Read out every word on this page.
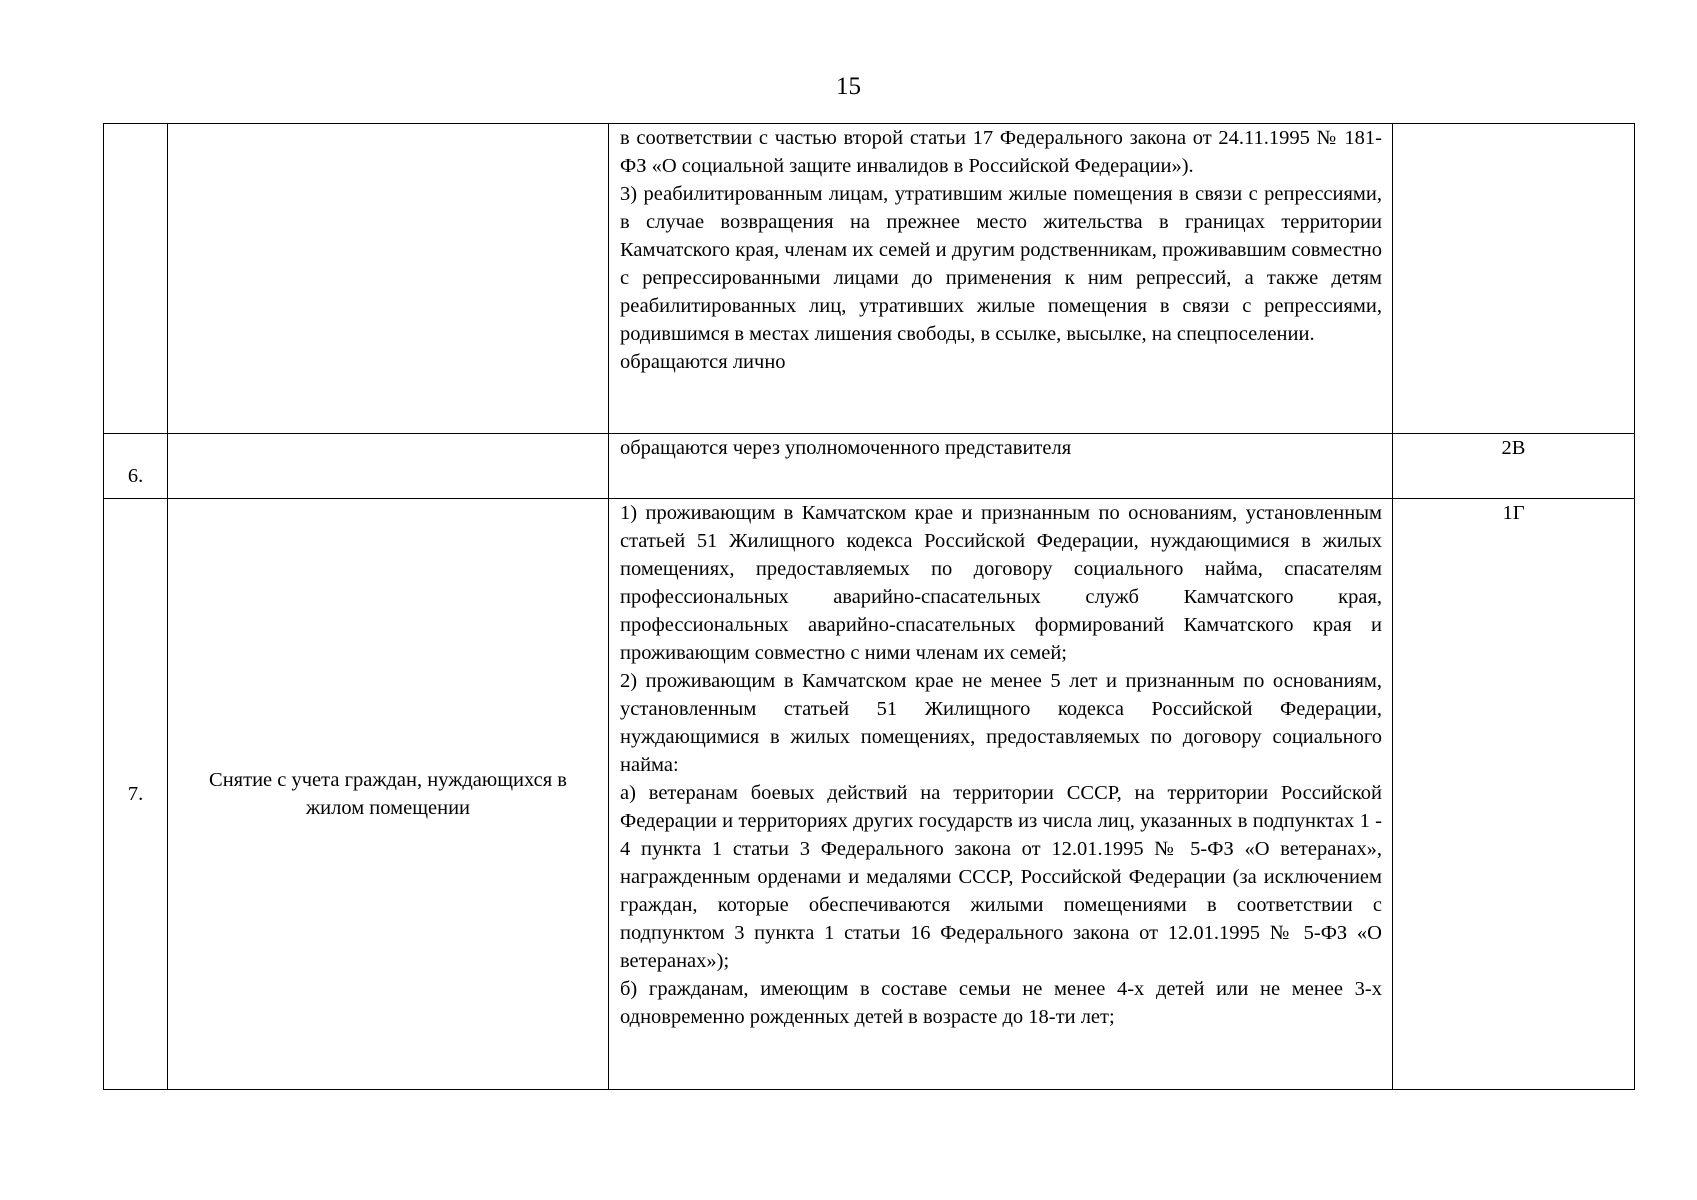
15

		в соответствии с частью второй статьи 17 Федерального закона от 24.11.1995 № 181-ФЗ «О социальной защите инвалидов в Российской Федерации»).
3) реабилитированным лицам, утратившим жилые помещения в связи с репрессиями, в случае возвращения на прежнее место жительства в границах территории Камчатского края, членам их семей и другим родственникам, проживавшим совместно с репрессированными лицами до применения к ним репрессий, а также детям реабилитированных лиц, утративших жилые помещения в связи с репрессиями, родившимся в местах лишения свободы, в ссылке, высылке, на спецпоселении.
обращаются лично	

6.		обращаются через уполномоченного представителя	2В
7.	Снятие с учета граждан, нуждающихся в жилом помещении	1) проживающим в Камчатском крае и признанным по основаниям, установленным статьей 51 Жилищного кодекса Российской Федерации, нуждающимися в жилых помещениях, предоставляемых по договору социального найма, спасателям профессиональных аварийно-спасательных служб Камчатского края, профессиональных аварийно-спасательных формирований Камчатского края и проживающим совместно с ними членам их семей;
2) проживающим в Камчатском крае не менее 5 лет и признанным по основаниям, установленным статьей 51 Жилищного кодекса Российской Федерации, нуждающимися в жилых помещениях, предоставляемых по договору социального найма:
а) ветеранам боевых действий на территории СССР, на территории Российской Федерации и территориях других государств из числа лиц, указанных в подпунктах 1 - 4 пункта 1 статьи 3 Федерального закона от 12.01.1995 № 5-ФЗ «О ветеранах», награжденным орденами и медалями СССР, Российской Федерации (за исключением граждан, которые обеспечиваются жилыми помещениями в соответствии с подпунктом 3 пункта 1 статьи 16 Федерального закона от 12.01.1995 № 5-ФЗ «О ветеранах»);
б) гражданам, имеющим в составе семьи не менее 4-х детей или не менее 3-х одновременно рожденных детей в возрасте до 18-ти лет;	1Г
